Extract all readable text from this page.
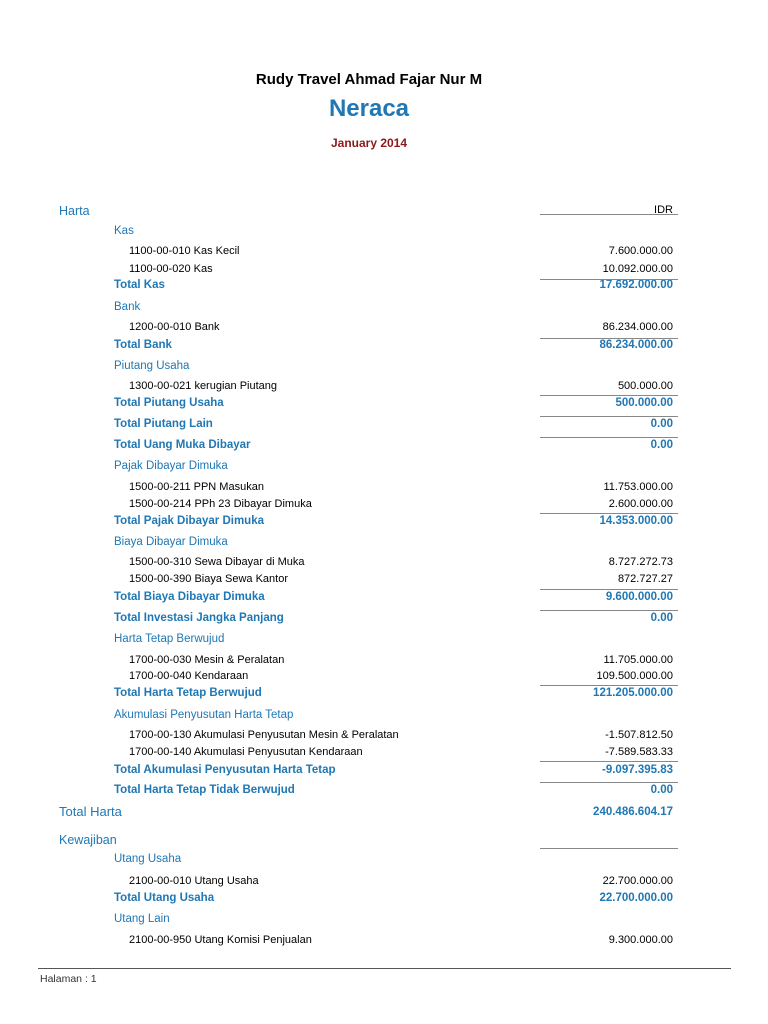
Rudy Travel Ahmad Fajar Nur M
Neraca
January 2014
IDR
Harta
Kas
1100-00-010 Kas Kecil	7.600.000.00
1100-00-020 Kas	10.092.000.00
Total Kas	17.692.000.00
Bank
1200-00-010 Bank	86.234.000.00
Total Bank	86.234.000.00
Piutang Usaha
1300-00-021 kerugian Piutang	500.000.00
Total Piutang Usaha	500.000.00
Total Piutang Lain	0.00
Total Uang Muka Dibayar	0.00
Pajak Dibayar Dimuka
1500-00-211 PPN Masukan	11.753.000.00
1500-00-214 PPh 23 Dibayar Dimuka	2.600.000.00
Total Pajak Dibayar Dimuka	14.353.000.00
Biaya Dibayar Dimuka
1500-00-310 Sewa Dibayar di Muka	8.727.272.73
1500-00-390 Biaya Sewa Kantor	872.727.27
Total Biaya Dibayar Dimuka	9.600.000.00
Total Investasi Jangka Panjang	0.00
Harta Tetap Berwujud
1700-00-030 Mesin & Peralatan	11.705.000.00
1700-00-040 Kendaraan	109.500.000.00
Total Harta Tetap Berwujud	121.205.000.00
Akumulasi Penyusutan Harta Tetap
1700-00-130 Akumulasi Penyusutan Mesin & Peralatan	-1.507.812.50
1700-00-140 Akumulasi Penyusutan Kendaraan	-7.589.583.33
Total Akumulasi Penyusutan Harta Tetap	-9.097.395.83
Total Harta Tetap Tidak Berwujud	0.00
Total Harta	240.486.604.17
Kewajiban
Utang Usaha
2100-00-010 Utang Usaha	22.700.000.00
Total Utang Usaha	22.700.000.00
Utang Lain
2100-00-950 Utang Komisi Penjualan	9.300.000.00
Halaman : 1
